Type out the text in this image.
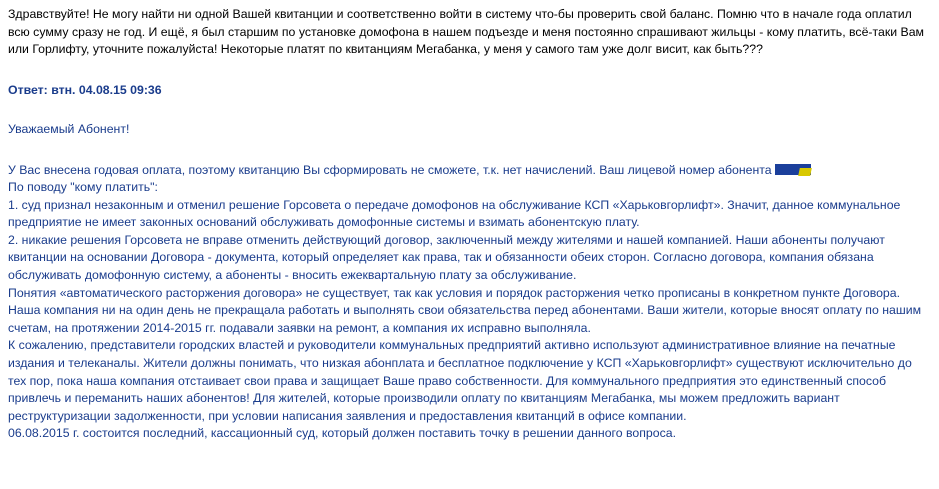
Здравствуйте! Не могу найти ни одной Вашей квитанции и соответственно войти в систему что-бы проверить свой баланс. Помню что в начале года оплатил всю сумму сразу не год. И ещё, я был старшим по установке домофона в нашем подъезде и меня постоянно спрашивают жильцы - кому платить, всё-таки Вам или Горлифту, уточните пожалуйста! Некоторые платят по квитанциям Мегабанка, у меня у самого там уже долг висит, как быть???
Ответ: втн. 04.08.15 09:36
Уважаемый Абонент!

У Вас внесена годовая оплата, поэтому квитанцию Вы сформировать не сможете, т.к. нет начислений. Ваш лицевой номер абонента

По поводу "кому платить":

1. суд признал незаконным и отменил решение Горсовета о передаче домофонов на обслуживание КСП «Харьковгорлифт». Значит, данное коммунальное предприятие не имеет законных оснований обслуживать домофонные системы и взимать абонентскую плату.

2. никакие решения Горсовета не вправе отменить действующий договор, заключенный между жителями и нашей компанией. Наши абоненты получают квитанции на основании Договора - документа, который определяет как права, так и обязанности обеих сторон. Согласно договора, компания обязана обслуживать домофонную систему, а абоненты - вносить ежеквартальную плату за обслуживание.

Понятия «автоматического расторжения договора» не существует, так как условия и порядок расторжения четко прописаны в конкретном пункте Договора.

Наша компания ни на один день не прекращала работать и выполнять свои обязательства перед абонентами. Ваши жители, которые вносят оплату по нашим счетам, на протяжении 2014-2015 гг. подавали заявки на ремонт, а компания их исправно выполняла.

К сожалению, представители городских властей и руководители коммунальных предприятий активно используют административное влияние на печатные издания и телеканалы. Жители должны понимать, что низкая абонплата и бесплатное подключение у КСП «Харьковгорлифт» существуют исключительно до тех пор, пока наша компания отстаивает свои права и защищает Ваше право собственности. Для коммунального предприятия это единственный способ привлечь и переманить наших абонентов! Для жителей, которые производили оплату по квитанциям Мегабанка, мы можем предложить вариант реструктуризации задолженности, при условии написания заявления и предоставления квитанций в офисе компании.

06.08.2015 г. состоится последний, кассационный суд, который должен поставить точку в решении данного вопроса.
